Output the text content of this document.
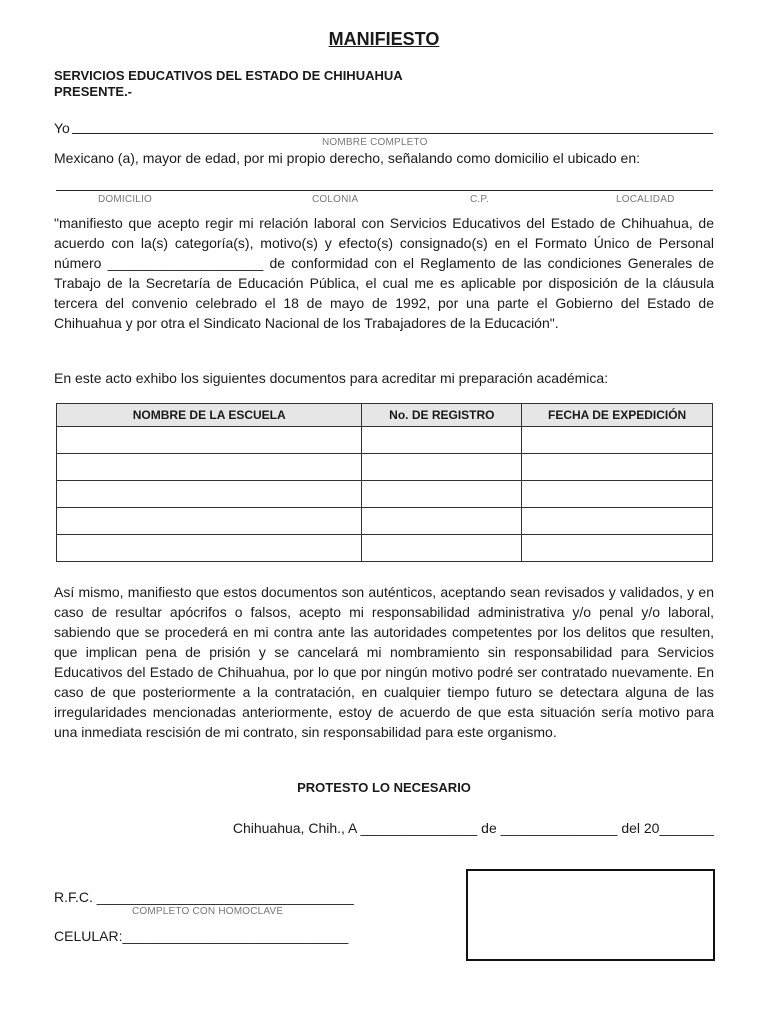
MANIFIESTO
SERVICIOS EDUCATIVOS DEL ESTADO DE CHIHUAHUA
PRESENTE.-
Yo
NOMBRE COMPLETO
Mexicano (a), mayor de edad, por mi propio derecho, señalando como domicilio el ubicado en:
DOMICILIO	COLONIA	C.P.	LOCALIDAD
"manifiesto que acepto regir mi relación laboral con Servicios Educativos del Estado de Chihuahua, de acuerdo con la(s) categoría(s), motivo(s) y efecto(s) consignado(s) en el Formato Único de Personal número ____________________ de conformidad con el Reglamento de las condiciones Generales de Trabajo de la Secretaría de Educación Pública, el cual me es aplicable por disposición de la cláusula tercera del convenio celebrado el 18 de mayo de 1992, por una parte el Gobierno del Estado de Chihuahua y por otra el Sindicato Nacional de los Trabajadores de la Educación".
En este acto exhibo los siguientes documentos para acreditar mi preparación académica:
NOMBRE DE LA ESCUELA	No. DE REGISTRO	FECHA DE EXPEDICIÓN

Así mismo, manifiesto que estos documentos son auténticos, aceptando sean revisados y validados, y en caso de resultar apócrifos o falsos, acepto mi responsabilidad administrativa y/o penal y/o laboral, sabiendo que se procederá en mi contra ante las autoridades competentes por los delitos que resulten, que implican pena de prisión y se cancelará mi nombramiento sin responsabilidad para Servicios Educativos del Estado de Chihuahua, por lo que por ningún motivo podré ser contratado nuevamente. En caso de que posteriormente a la contratación, en cualquier tiempo futuro se detectara alguna de las irregularidades mencionadas anteriormente, estoy de acuerdo de que esta situación sería motivo para una inmediata rescisión de mi contrato, sin responsabilidad para este organismo.
PROTESTO LO NECESARIO
Chihuahua, Chih., A _______________ de _______________ del 20_______
R.F.C. _________________________________
COMPLETO CON HOMOCLAVE
CELULAR:_____________________________
